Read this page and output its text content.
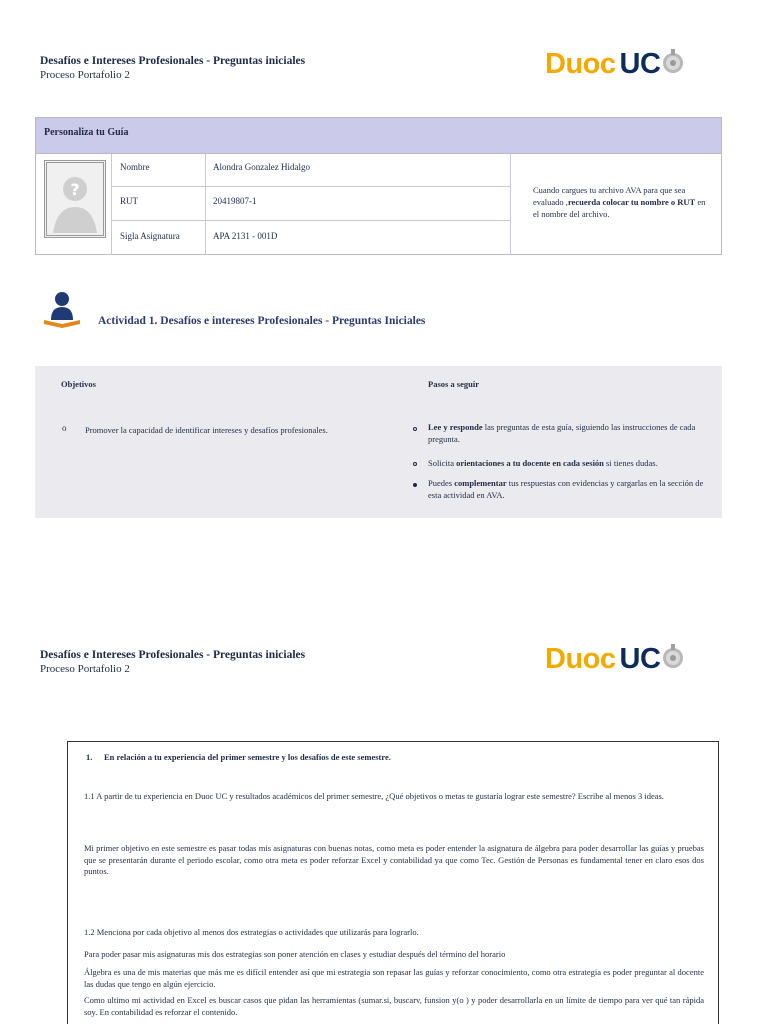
Desafíos e Intereses Profesionales - Preguntas iniciales
Proceso Portafolio 2	Duoc UC
Personaliza tu Guía
?
Nombre	Alondra Gonzalez Hidalgo
RUT	20419807-1
Sigla Asignatura	APA 2131 - 001D
Cuando cargues tu archivo AVA para que sea evaluado ,recuerda colocar tu nombre o RUT en el nombre del archivo.
Actividad 1. Desafíos e intereses Profesionales - Preguntas Iniciales
Objetivos	Pasos a seguir
o Promover la capacidad de identificar intereses y desafíos profesionales.	Lee y responde las preguntas de esta guía, siguiendo las instrucciones de cada pregunta.
Solicita orientaciones a tu docente en cada sesión si tienes dudas.
Puedes complementar tus respuestas con evidencias y cargarlas en la sección de esta actividad en AVA.
Desafíos e Intereses Profesionales - Preguntas iniciales
Proceso Portafolio 2	Duoc UC
1. En relación a tu experiencia del primer semestre y los desafíos de este semestre.
1.1 A partir de tu experiencia en Duoc UC y resultados académicos del primer semestre, ¿Qué objetivos o metas te gustaría lograr este semestre? Escribe al menos 3 ideas.
Mi primer objetivo en este semestre es pasar todas mis asignaturas con buenas notas, como meta es poder entender la asignatura de álgebra para poder desarrollar las guías y pruebas que se presentarán durante el periodo escolar, como otra meta es poder reforzar Excel y contabilidad ya que como Tec. Gestión de Personas es fundamental tener en claro esos dos puntos.
1.2 Menciona por cada objetivo al menos dos estrategias o actividades que utilizarás para lograrlo.
Para poder pasar mis asignaturas mis dos estrategias son poner atención en clases y estudiar después del término del horario
Álgebra es una de mis materias que más me es difícil entender así que mi estrategia son repasar las guías y reforzar conocimiento, como otra estrategia es poder preguntar al docente las dudas que tengo en algún ejercicio.
Como ultimo mi actividad en Excel es buscar casos que pidan las herramientas (sumar.si, buscarv, funsion y(o ) y poder desarrollarla en un límite de tiempo para ver qué tan rápida soy. En contabilidad es reforzar el contenido.
